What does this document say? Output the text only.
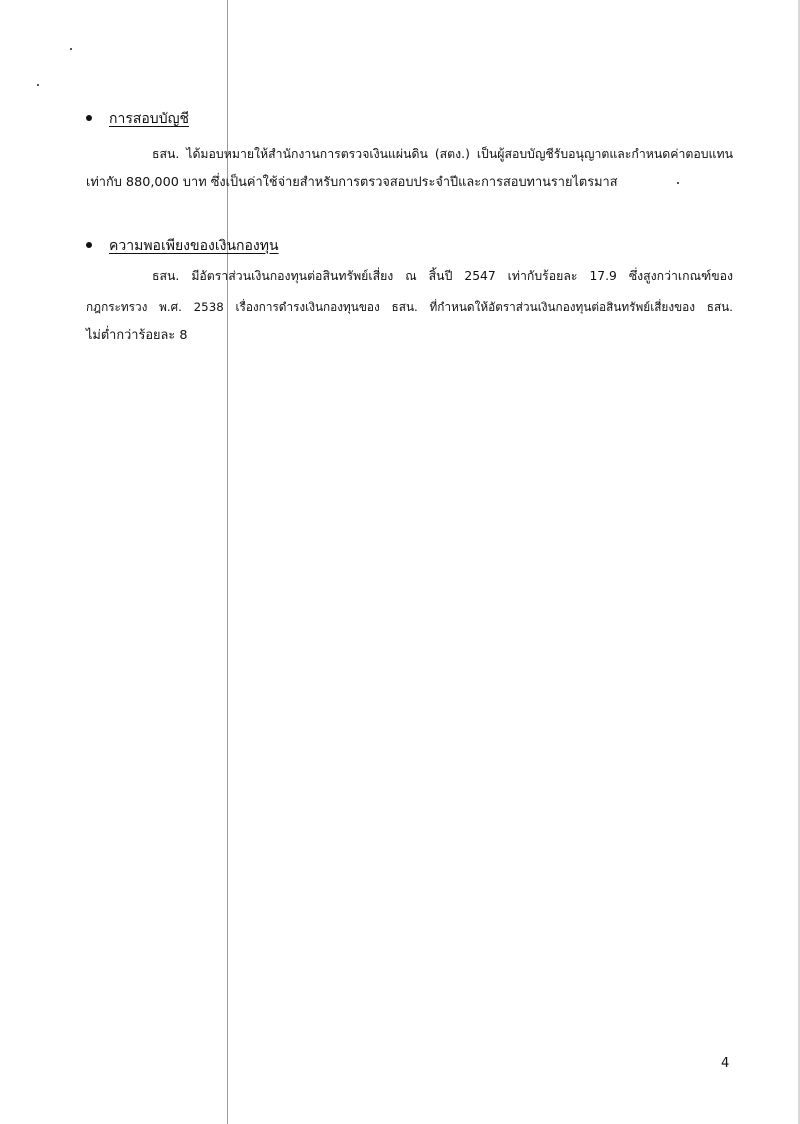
การสอบบัญชี
ธสน. ได้มอบหมายให้สำนักงานการตรวจเงินแผ่นดิน (สตง.) เป็นผู้สอบบัญชีรับอนุญาตและกำหนดค่าตอบแทน
เท่ากับ 880,000 บาท ซึ่งเป็นค่าใช้จ่ายสำหรับการตรวจสอบประจำปีและการสอบทานรายไตรมาส
ความพอเพียงของเงินกองทุน
ธสน. มีอัตราส่วนเงินกองทุนต่อสินทรัพย์เสี่ยง ณ สิ้นปี 2547 เท่ากับร้อยละ 17.9 ซึ่งสูงกว่าเกณฑ์ของ
กฎกระทรวง พ.ศ. 2538 เรื่องการดำรงเงินกองทุนของ ธสน. ที่กำหนดให้อัตราส่วนเงินกองทุนต่อสินทรัพย์เสี่ยงของ ธสน.
ไม่ต่ำกว่าร้อยละ 8
4
